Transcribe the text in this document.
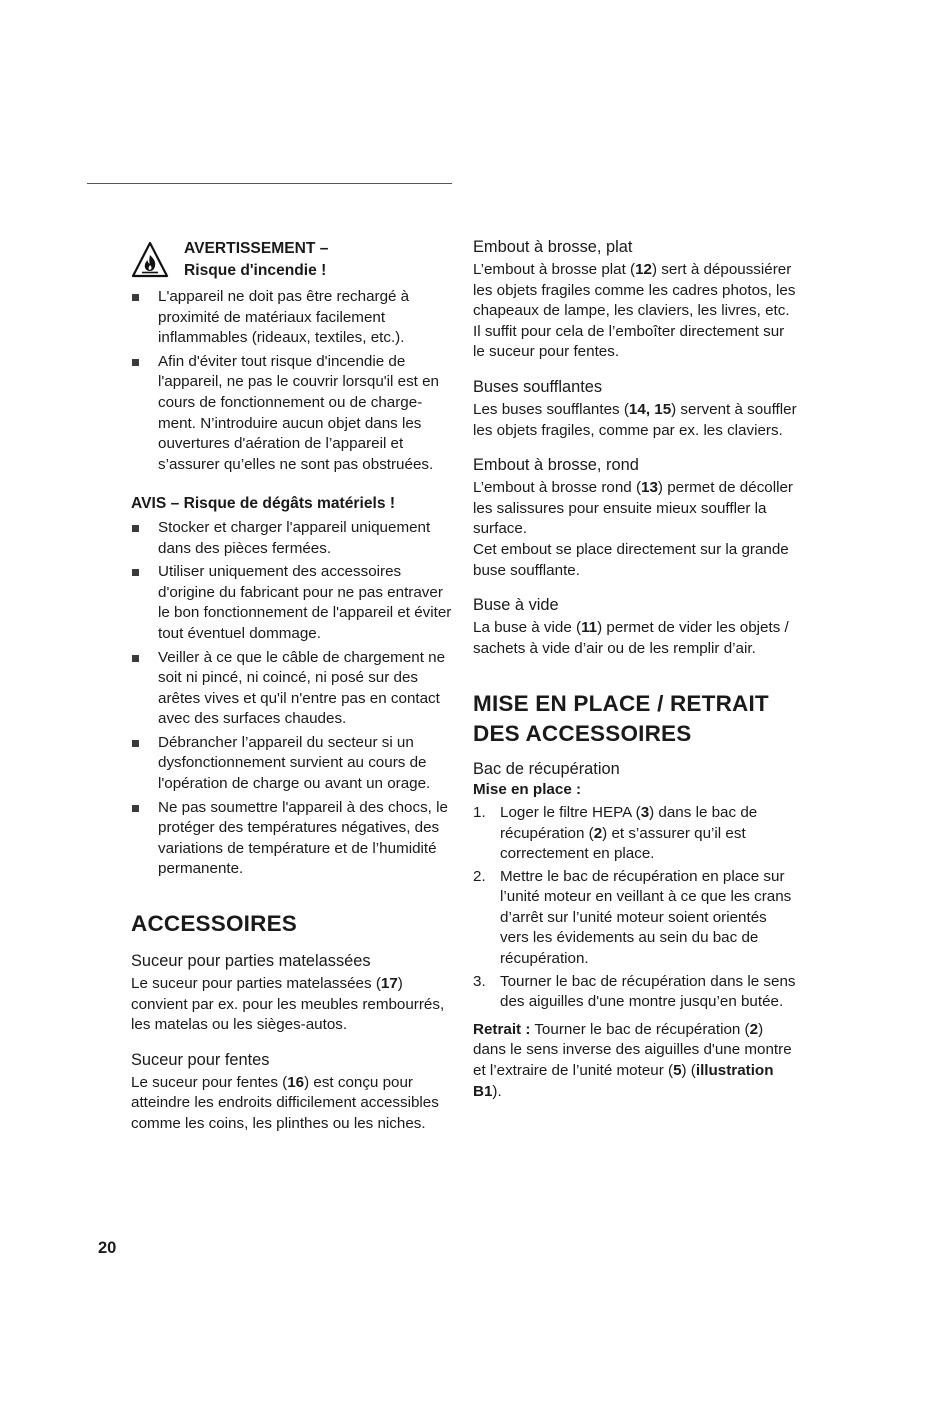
AVERTISSEMENT –

Risque d'incendie !

L'appareil ne doit pas être rechargé à proximité de matériaux facilement inflammables (rideaux, textiles, etc.).
Afin d'éviter tout risque d'incendie de l'appareil, ne pas le couvrir lorsqu'il est en cours de fonctionnement ou de chargement. N’introduire aucun objet dans les ouvertures d'aération de l’appareil et s’assurer qu’elles ne sont pas obstruées.

AVIS – Risque de dégâts matériels !

Stocker et charger l'appareil uniquement dans des pièces fermées.
Utiliser uniquement des accessoires d'origine du fabricant pour ne pas entraver le bon fonctionnement de l'appareil et éviter tout éventuel dommage.
Veiller à ce que le câble de chargement ne soit ni pincé, ni coincé, ni posé sur des arêtes vives et qu'il n'entre pas en contact avec des surfaces chaudes.
Débrancher l’appareil du secteur si un dysfonctionnement survient au cours de l'opération de charge ou avant un orage.
Ne pas soumettre l'appareil à des chocs, le protéger des températures négatives, des variations de température et de l’humidité permanente.
ACCESSOIRES

Suceur pour parties matelassées

Le suceur pour parties matelassées (17) convient par ex. pour les meubles rembourrés, les matelas ou les sièges-autos.

Suceur pour fentes

Le suceur pour fentes (16) est conçu pour atteindre les endroits difficilement accessibles comme les coins, les plinthes ou les niches.

Embout à brosse, plat

L’embout à brosse plat (12) sert à dépoussiérer les objets fragiles comme les cadres photos, les chapeaux de lampe, les claviers, les livres, etc.

Il suffit pour cela de l’emboîter directement sur le suceur pour fentes.

Buses soufflantes

Les buses soufflantes (14, 15) servent à souffler les objets fragiles, comme par ex. les claviers.

Embout à brosse, rond

L’embout à brosse rond (13) permet de décoller les salissures pour ensuite mieux souffler la surface.

Cet embout se place directement sur la grande buse soufflante.

Buse à vide

La buse à vide (11) permet de vider les objets / sachets à vide d’air ou de les remplir d’air.

MISE EN PLACE / RETRAIT
DES ACCESSOIRES

Bac de récupération

Mise en place :

1. Loger le filtre HEPA (3) dans le bac de récupération (2) et s’assurer qu’il est correctement en place.
2. Mettre le bac de récupération en place sur l’unité moteur en veillant à ce que les crans d’arrêt sur l’unité moteur soient orientés vers les évidements au sein du bac de récupération.
3. Tourner le bac de récupération dans le sens des aiguilles d'une montre jusqu’en butée.

Retrait : Tourner le bac de récupération (2) dans le sens inverse des aiguilles d'une montre et l’extraire de l’unité moteur (5) (illustration B1).

20
